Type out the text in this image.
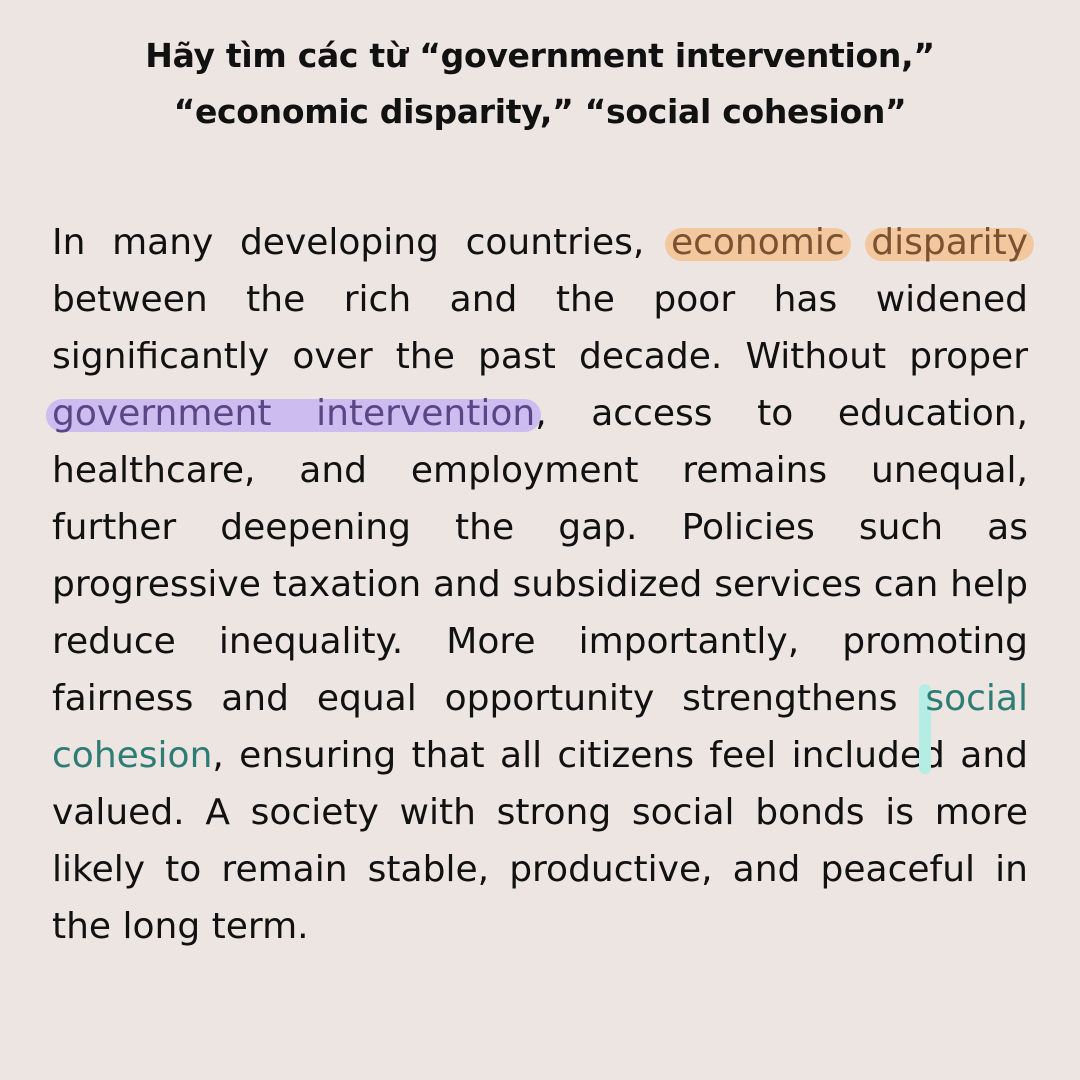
Hãy tìm các từ “government intervention,”
“economic disparity,” “social cohesion”

In many developing countries, economic disparity between the rich and the poor has widened significantly over the past decade. Without proper government intervention, access to education, healthcare, and employment remains unequal, further deepening the gap. Policies such as progressive taxation and subsidized services can help reduce inequality. More importantly, promoting fairness and equal opportunity strengthens social cohesion, ensuring that all citizens feel included and valued. A society with strong social bonds is more likely to remain stable, productive, and peaceful in the long term.
